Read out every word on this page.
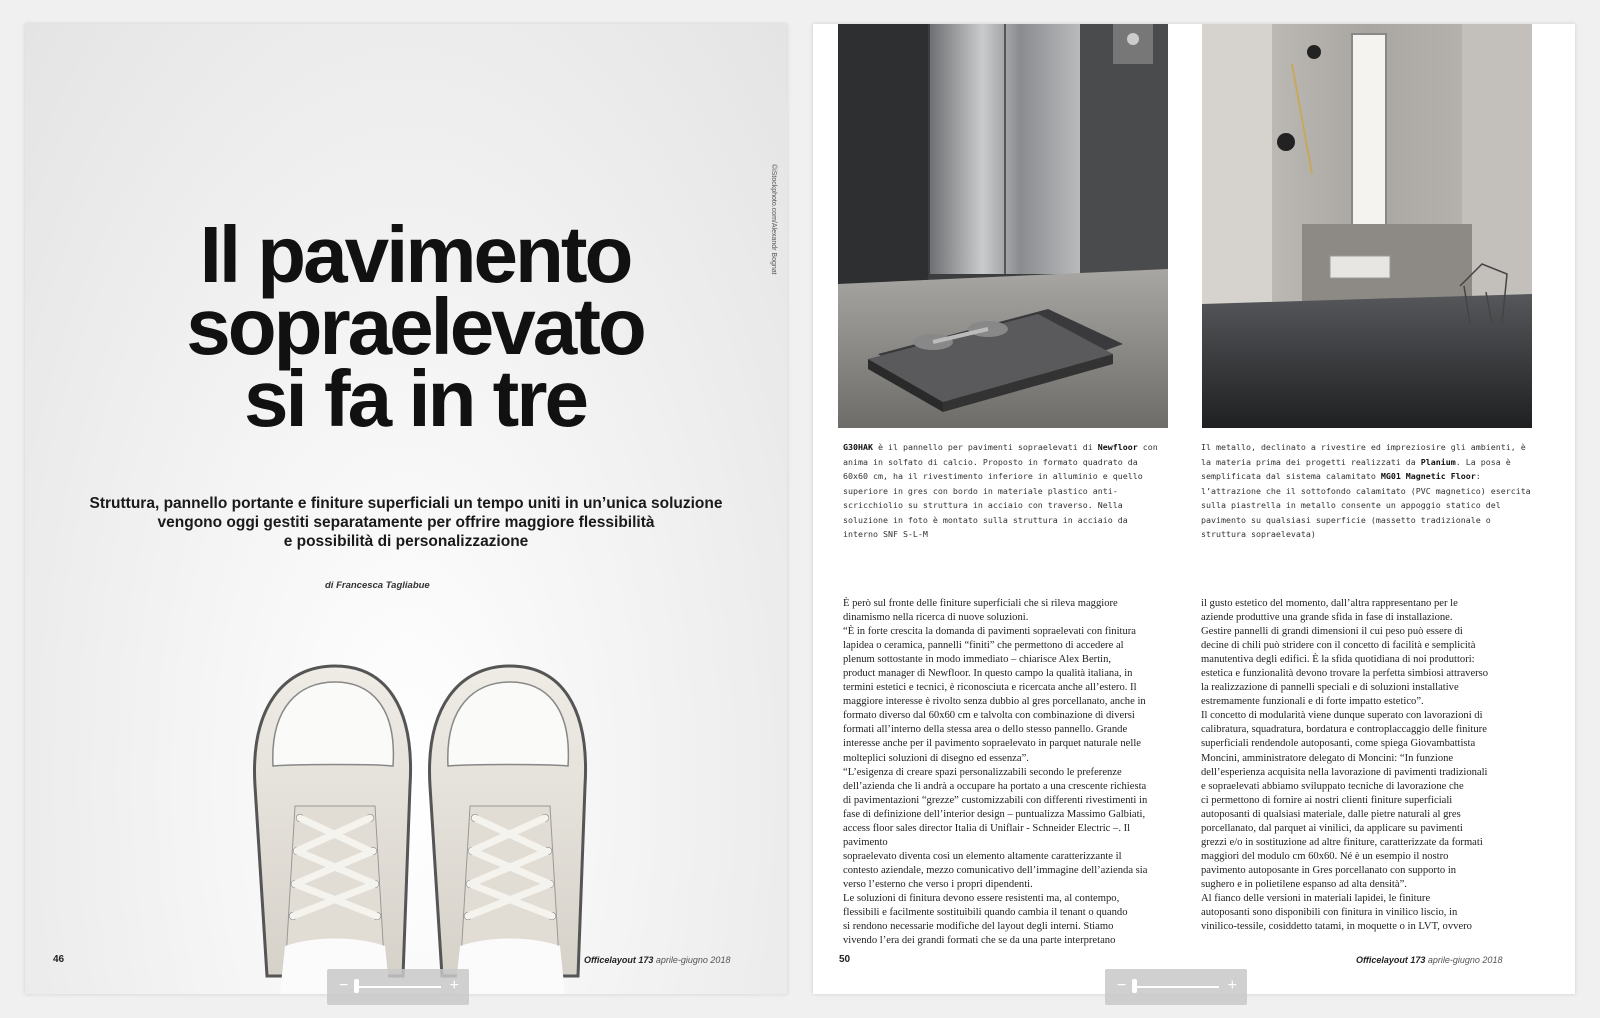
©iStockphoto.com/Alexandr Bognat
Il pavimento
sopraelevato
si fa in tre
Struttura, pannello portante e finiture superficiali un tempo uniti in un’unica soluzione
vengono oggi gestiti separatamente per offrire maggiore flessibilità
e possibilità di personalizzazione
di Francesca Tagliabue
46	Officelayout 173 aprile-giugno 2018
G30HAK è il pannello per pavimenti sopraelevati di Newfloor con anima in solfato di calcio. Proposto in formato quadrato da 60x60 cm, ha il rivestimento inferiore in alluminio e quello superiore in gres con bordo in materiale plastico anti-scricchiolio su struttura in acciaio con traverso. Nella soluzione in foto è montato sulla struttura in acciaio da interno SNF S-L-M
Il metallo, declinato a rivestire ed impreziosire gli ambienti, è la materia prima dei progetti realizzati da Planium. La posa è semplificata dal sistema calamitato MG01 Magnetic Floor: l’attrazione che il sottofondo calamitato (PVC magnetico) esercita sulla piastrella in metallo consente un appoggio statico del pavimento su qualsiasi superficie (massetto tradizionale o struttura sopraelevata)
È però sul fronte delle finiture superficiali che si rileva maggiore
dinamismo nella ricerca di nuove soluzioni.
“È in forte crescita la domanda di pavimenti sopraelevati con finitura
lapidea o ceramica, pannelli “finiti” che permettono di accedere al
plenum sottostante in modo immediato – chiarisce Alex Bertin,
product manager di Newfloor. In questo campo la qualità italiana, in
termini estetici e tecnici, è riconosciuta e ricercata anche all’estero. Il
maggiore interesse è rivolto senza dubbio al gres porcellanato, anche in
formato diverso dal 60x60 cm e talvolta con combinazione di diversi
formati all’interno della stessa area o dello stesso pannello. Grande
interesse anche per il pavimento sopraelevato in parquet naturale nelle
molteplici soluzioni di disegno ed essenza”.
“L’esigenza di creare spazi personalizzabili secondo le preferenze
dell’azienda che li andrà a occupare ha portato a una crescente richiesta
di pavimentazioni “grezze” customizzabili con differenti rivestimenti in
fase di definizione dell’interior design – puntualizza Massimo Galbiati,
access floor sales director Italia di Uniflair - Schneider Electric –. Il pavimento
sopraelevato diventa così un elemento altamente caratterizzante il
contesto aziendale, mezzo comunicativo dell’immagine dell’azienda sia
verso l’esterno che verso i propri dipendenti.
Le soluzioni di finitura devono essere resistenti ma, al contempo,
flessibili e facilmente sostituibili quando cambia il tenant o quando
si rendono necessarie modifiche del layout degli interni. Stiamo
vivendo l’era dei grandi formati che se da una parte interpretano
il gusto estetico del momento, dall’altra rappresentano per le
aziende produttive una grande sfida in fase di installazione.
Gestire pannelli di grandi dimensioni il cui peso può essere di
decine di chili può stridere con il concetto di facilità e semplicità
manutentiva degli edifici. È la sfida quotidiana di noi produttori:
estetica e funzionalità devono trovare la perfetta simbiosi attraverso
la realizzazione di pannelli speciali e di soluzioni installative
estremamente funzionali e di forte impatto estetico”.
Il concetto di modularità viene dunque superato con lavorazioni di
calibratura, squadratura, bordatura e controplaccaggio delle finiture
superficiali rendendole autoposanti, come spiega Giovambattista
Moncini, amministratore delegato di Moncini: “In funzione
dell’esperienza acquisita nella lavorazione di pavimenti tradizionali
e sopraelevati abbiamo sviluppato tecniche di lavorazione che
ci permettono di fornire ai nostri clienti finiture superficiali
autoposanti di qualsiasi materiale, dalle pietre naturali al gres
porcellanato, dal parquet ai vinilici, da applicare su pavimenti
grezzi e/o in sostituzione ad altre finiture, caratterizzate da formati
maggiori del modulo cm 60x60. Né è un esempio il nostro
pavimento autoposante in Gres porcellanato con supporto in
sughero e in polietilene espanso ad alta densità”.
Al fianco delle versioni in materiali lapidei, le finiture
autoposanti sono disponibili con finitura in vinilico liscio, in
vinilico-tessile, cosiddetto tatami, in moquette o in LVT, ovvero
50	Officelayout 173 aprile-giugno 2018
−	+	−	+
